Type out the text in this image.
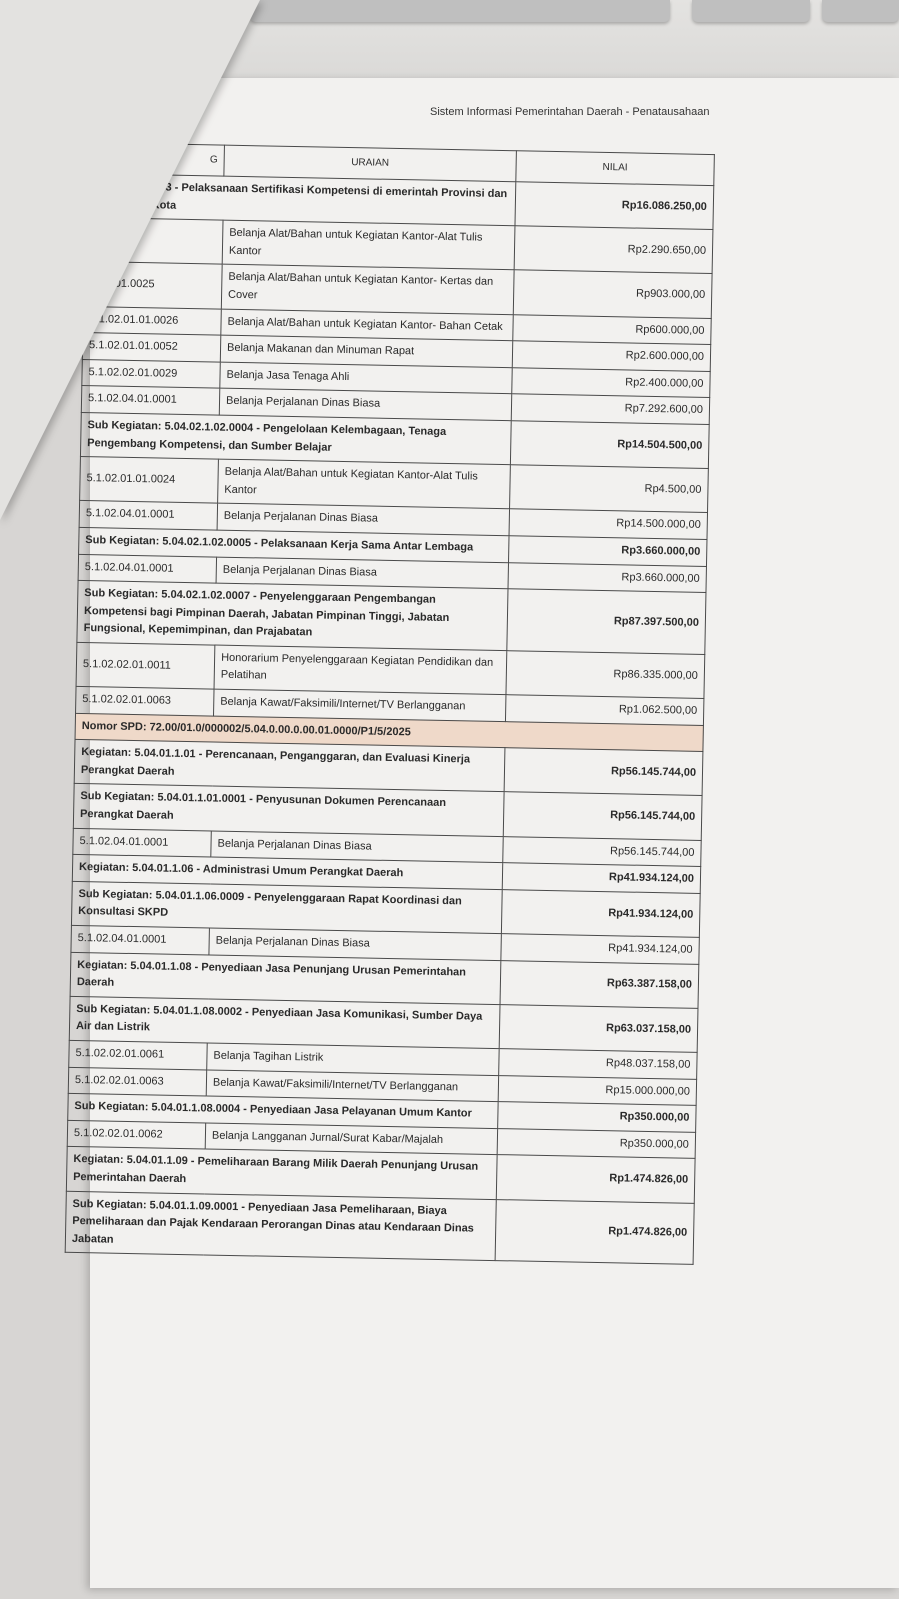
Sistem Informasi Pemerintahan Daerah - Penatausahaan
G	URAIAN	NILAI
04.02.1.02.0003 - Pelaksanaan Sertifikasi Kompetensi di emerintah Provinsi dan Kabupaten/Kota		Rp16.086.250,00
01.0024	Belanja Alat/Bahan untuk Kegiatan Kantor-Alat Tulis Kantor	Rp2.290.650,00
2.01.01.0025	Belanja Alat/Bahan untuk Kegiatan Kantor- Kertas dan Cover	Rp903.000,00
5.1.02.01.01.0026	Belanja Alat/Bahan untuk Kegiatan Kantor- Bahan Cetak	Rp600.000,00
5.1.02.01.01.0052	Belanja Makanan dan Minuman Rapat	Rp2.600.000,00
5.1.02.02.01.0029	Belanja Jasa Tenaga Ahli	Rp2.400.000,00
5.1.02.04.01.0001	Belanja Perjalanan Dinas Biasa	Rp7.292.600,00
Sub Kegiatan: 5.04.02.1.02.0004 - Pengelolaan Kelembagaan, Tenaga Pengembang Kompetensi, dan Sumber Belajar		Rp14.504.500,00
5.1.02.01.01.0024	Belanja Alat/Bahan untuk Kegiatan Kantor-Alat Tulis Kantor	Rp4.500,00
5.1.02.04.01.0001	Belanja Perjalanan Dinas Biasa	Rp14.500.000,00
Sub Kegiatan: 5.04.02.1.02.0005 - Pelaksanaan Kerja Sama Antar Lembaga		Rp3.660.000,00
5.1.02.04.01.0001	Belanja Perjalanan Dinas Biasa	Rp3.660.000,00
Sub Kegiatan: 5.04.02.1.02.0007 - Penyelenggaraan Pengembangan Kompetensi bagi Pimpinan Daerah, Jabatan Pimpinan Tinggi, Jabatan Fungsional, Kepemimpinan, dan Prajabatan		Rp87.397.500,00
5.1.02.02.01.0011	Honorarium Penyelenggaraan Kegiatan Pendidikan dan Pelatihan	Rp86.335.000,00
5.1.02.02.01.0063	Belanja Kawat/Faksimili/Internet/TV Berlangganan	Rp1.062.500,00
Nomor SPD: 72.00/01.0/000002/5.04.0.00.0.00.01.0000/P1/5/2025		
Kegiatan: 5.04.01.1.01 - Perencanaan, Penganggaran, dan Evaluasi Kinerja Perangkat Daerah		Rp56.145.744,00
Sub Kegiatan: 5.04.01.1.01.0001 - Penyusunan Dokumen Perencanaan Perangkat Daerah		Rp56.145.744,00
5.1.02.04.01.0001	Belanja Perjalanan Dinas Biasa	Rp56.145.744,00
Kegiatan: 5.04.01.1.06 - Administrasi Umum Perangkat Daerah		Rp41.934.124,00
Sub Kegiatan: 5.04.01.1.06.0009 - Penyelenggaraan Rapat Koordinasi dan Konsultasi SKPD		Rp41.934.124,00
5.1.02.04.01.0001	Belanja Perjalanan Dinas Biasa	Rp41.934.124,00
Kegiatan: 5.04.01.1.08 - Penyediaan Jasa Penunjang Urusan Pemerintahan Daerah		Rp63.387.158,00
Sub Kegiatan: 5.04.01.1.08.0002 - Penyediaan Jasa Komunikasi, Sumber Daya Air dan Listrik		Rp63.037.158,00
5.1.02.02.01.0061	Belanja Tagihan Listrik	Rp48.037.158,00
5.1.02.02.01.0063	Belanja Kawat/Faksimili/Internet/TV Berlangganan	Rp15.000.000,00
Sub Kegiatan: 5.04.01.1.08.0004 - Penyediaan Jasa Pelayanan Umum Kantor		Rp350.000,00
5.1.02.02.01.0062	Belanja Langganan Jurnal/Surat Kabar/Majalah	Rp350.000,00
Kegiatan: 5.04.01.1.09 - Pemeliharaan Barang Milik Daerah Penunjang Urusan Pemerintahan Daerah		Rp1.474.826,00
Sub Kegiatan: 5.04.01.1.09.0001 - Penyediaan Jasa Pemeliharaan, Biaya Pemeliharaan dan Pajak Kendaraan Perorangan Dinas atau Kendaraan Dinas Jabatan		Rp1.474.826,00
